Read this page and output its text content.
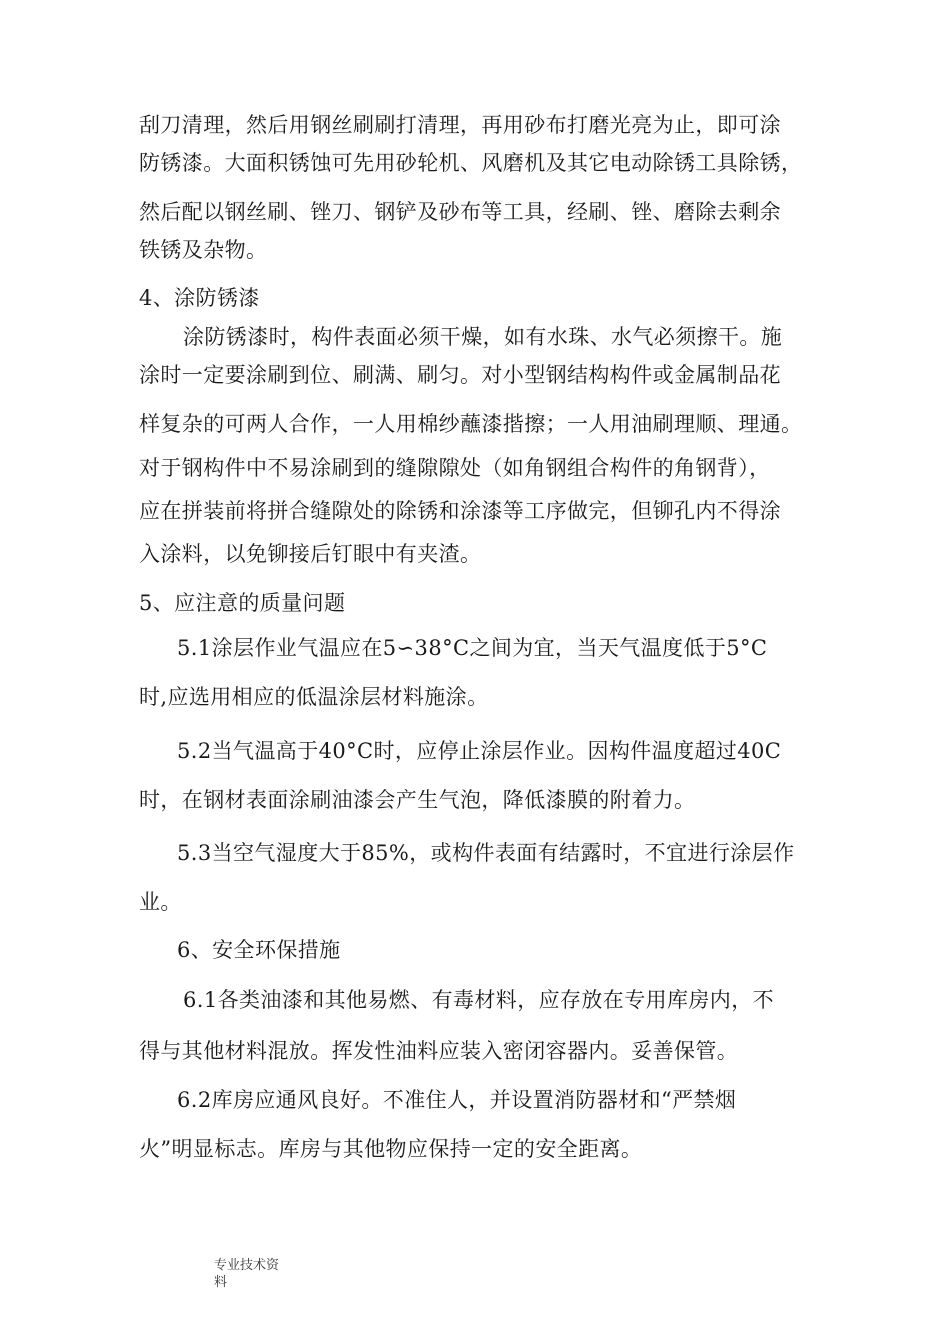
刮刀清理，然后用钢丝刷刷打清理，再用砂布打磨光亮为止，即可涂
防锈漆。大面积锈蚀可先用砂轮机、风磨机及其它电动除锈工具除锈，
然后配以钢丝刷、锉刀、钢铲及砂布等工具，经刷、锉、磨除去剩余
铁锈及杂物。
4、涂防锈漆
涂防锈漆时，构件表面必须干燥，如有水珠、水气必须擦干。施
涂时一定要涂刷到位、刷满、刷匀。对小型钢结构构件或金属制品花
样复杂的可两人合作，一人用棉纱蘸漆揩擦；一人用油刷理顺、理通。
对于钢构件中不易涂刷到的缝隙隙处（如角钢组合构件的角钢背），
应在拼装前将拼合缝隙处的除锈和涂漆等工序做完，但铆孔内不得涂
入涂料，以免铆接后钉眼中有夹渣。
5、应注意的质量问题
5.1涂层作业气温应在5∽38°C之间为宜，当天气温度低于5°C
时,应选用相应的低温涂层材料施涂。
5.2当气温高于40°C时，应停止涂层作业。因构件温度超过40C
时，在钢材表面涂刷油漆会产生气泡，降低漆膜的附着力。
5.3当空气湿度大于85%，或构件表面有结露时，不宜进行涂层作
业。
6、安全环保措施
6.1各类油漆和其他易燃、有毒材料，应存放在专用库房内，不
得与其他材料混放。挥发性油料应装入密闭容器内。妥善保管。
6.2库房应通风良好。不准住人，并设置消防器材和“严禁烟
火”明显标志。库房与其他物应保持一定的安全距离。
专业技术资
料
